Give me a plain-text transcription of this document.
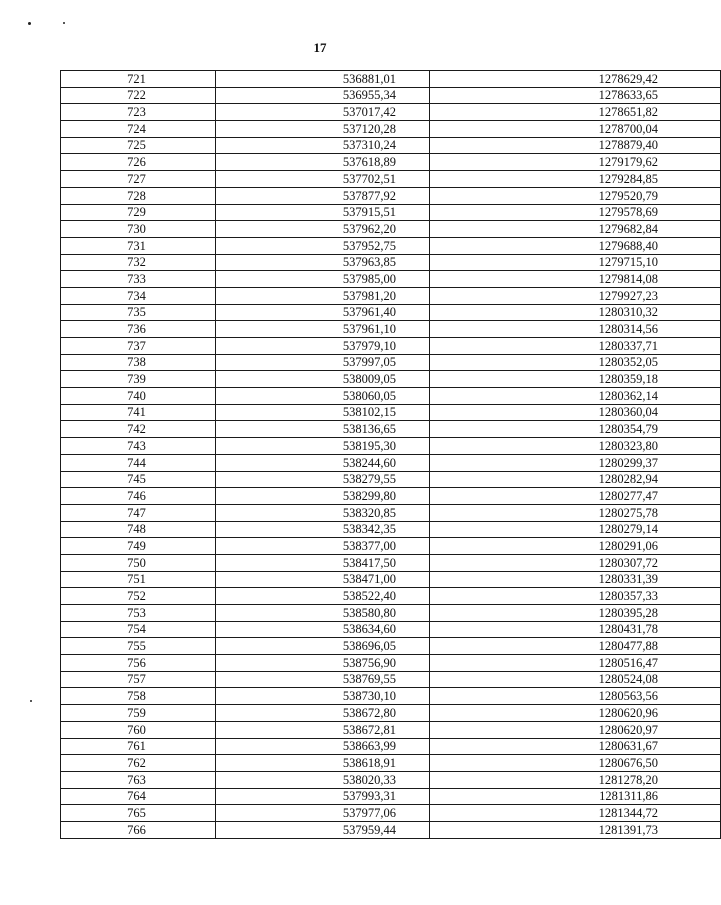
17
721	536881,01	1278629,42
722	536955,34	1278633,65
723	537017,42	1278651,82
724	537120,28	1278700,04
725	537310,24	1278879,40
726	537618,89	1279179,62
727	537702,51	1279284,85
728	537877,92	1279520,79
729	537915,51	1279578,69
730	537962,20	1279682,84
731	537952,75	1279688,40
732	537963,85	1279715,10
733	537985,00	1279814,08
734	537981,20	1279927,23
735	537961,40	1280310,32
736	537961,10	1280314,56
737	537979,10	1280337,71
738	537997,05	1280352,05
739	538009,05	1280359,18
740	538060,05	1280362,14
741	538102,15	1280360,04
742	538136,65	1280354,79
743	538195,30	1280323,80
744	538244,60	1280299,37
745	538279,55	1280282,94
746	538299,80	1280277,47
747	538320,85	1280275,78
748	538342,35	1280279,14
749	538377,00	1280291,06
750	538417,50	1280307,72
751	538471,00	1280331,39
752	538522,40	1280357,33
753	538580,80	1280395,28
754	538634,60	1280431,78
755	538696,05	1280477,88
756	538756,90	1280516,47
757	538769,55	1280524,08
758	538730,10	1280563,56
759	538672,80	1280620,96
760	538672,81	1280620,97
761	538663,99	1280631,67
762	538618,91	1280676,50
763	538020,33	1281278,20
764	537993,31	1281311,86
765	537977,06	1281344,72
766	537959,44	1281391,73
